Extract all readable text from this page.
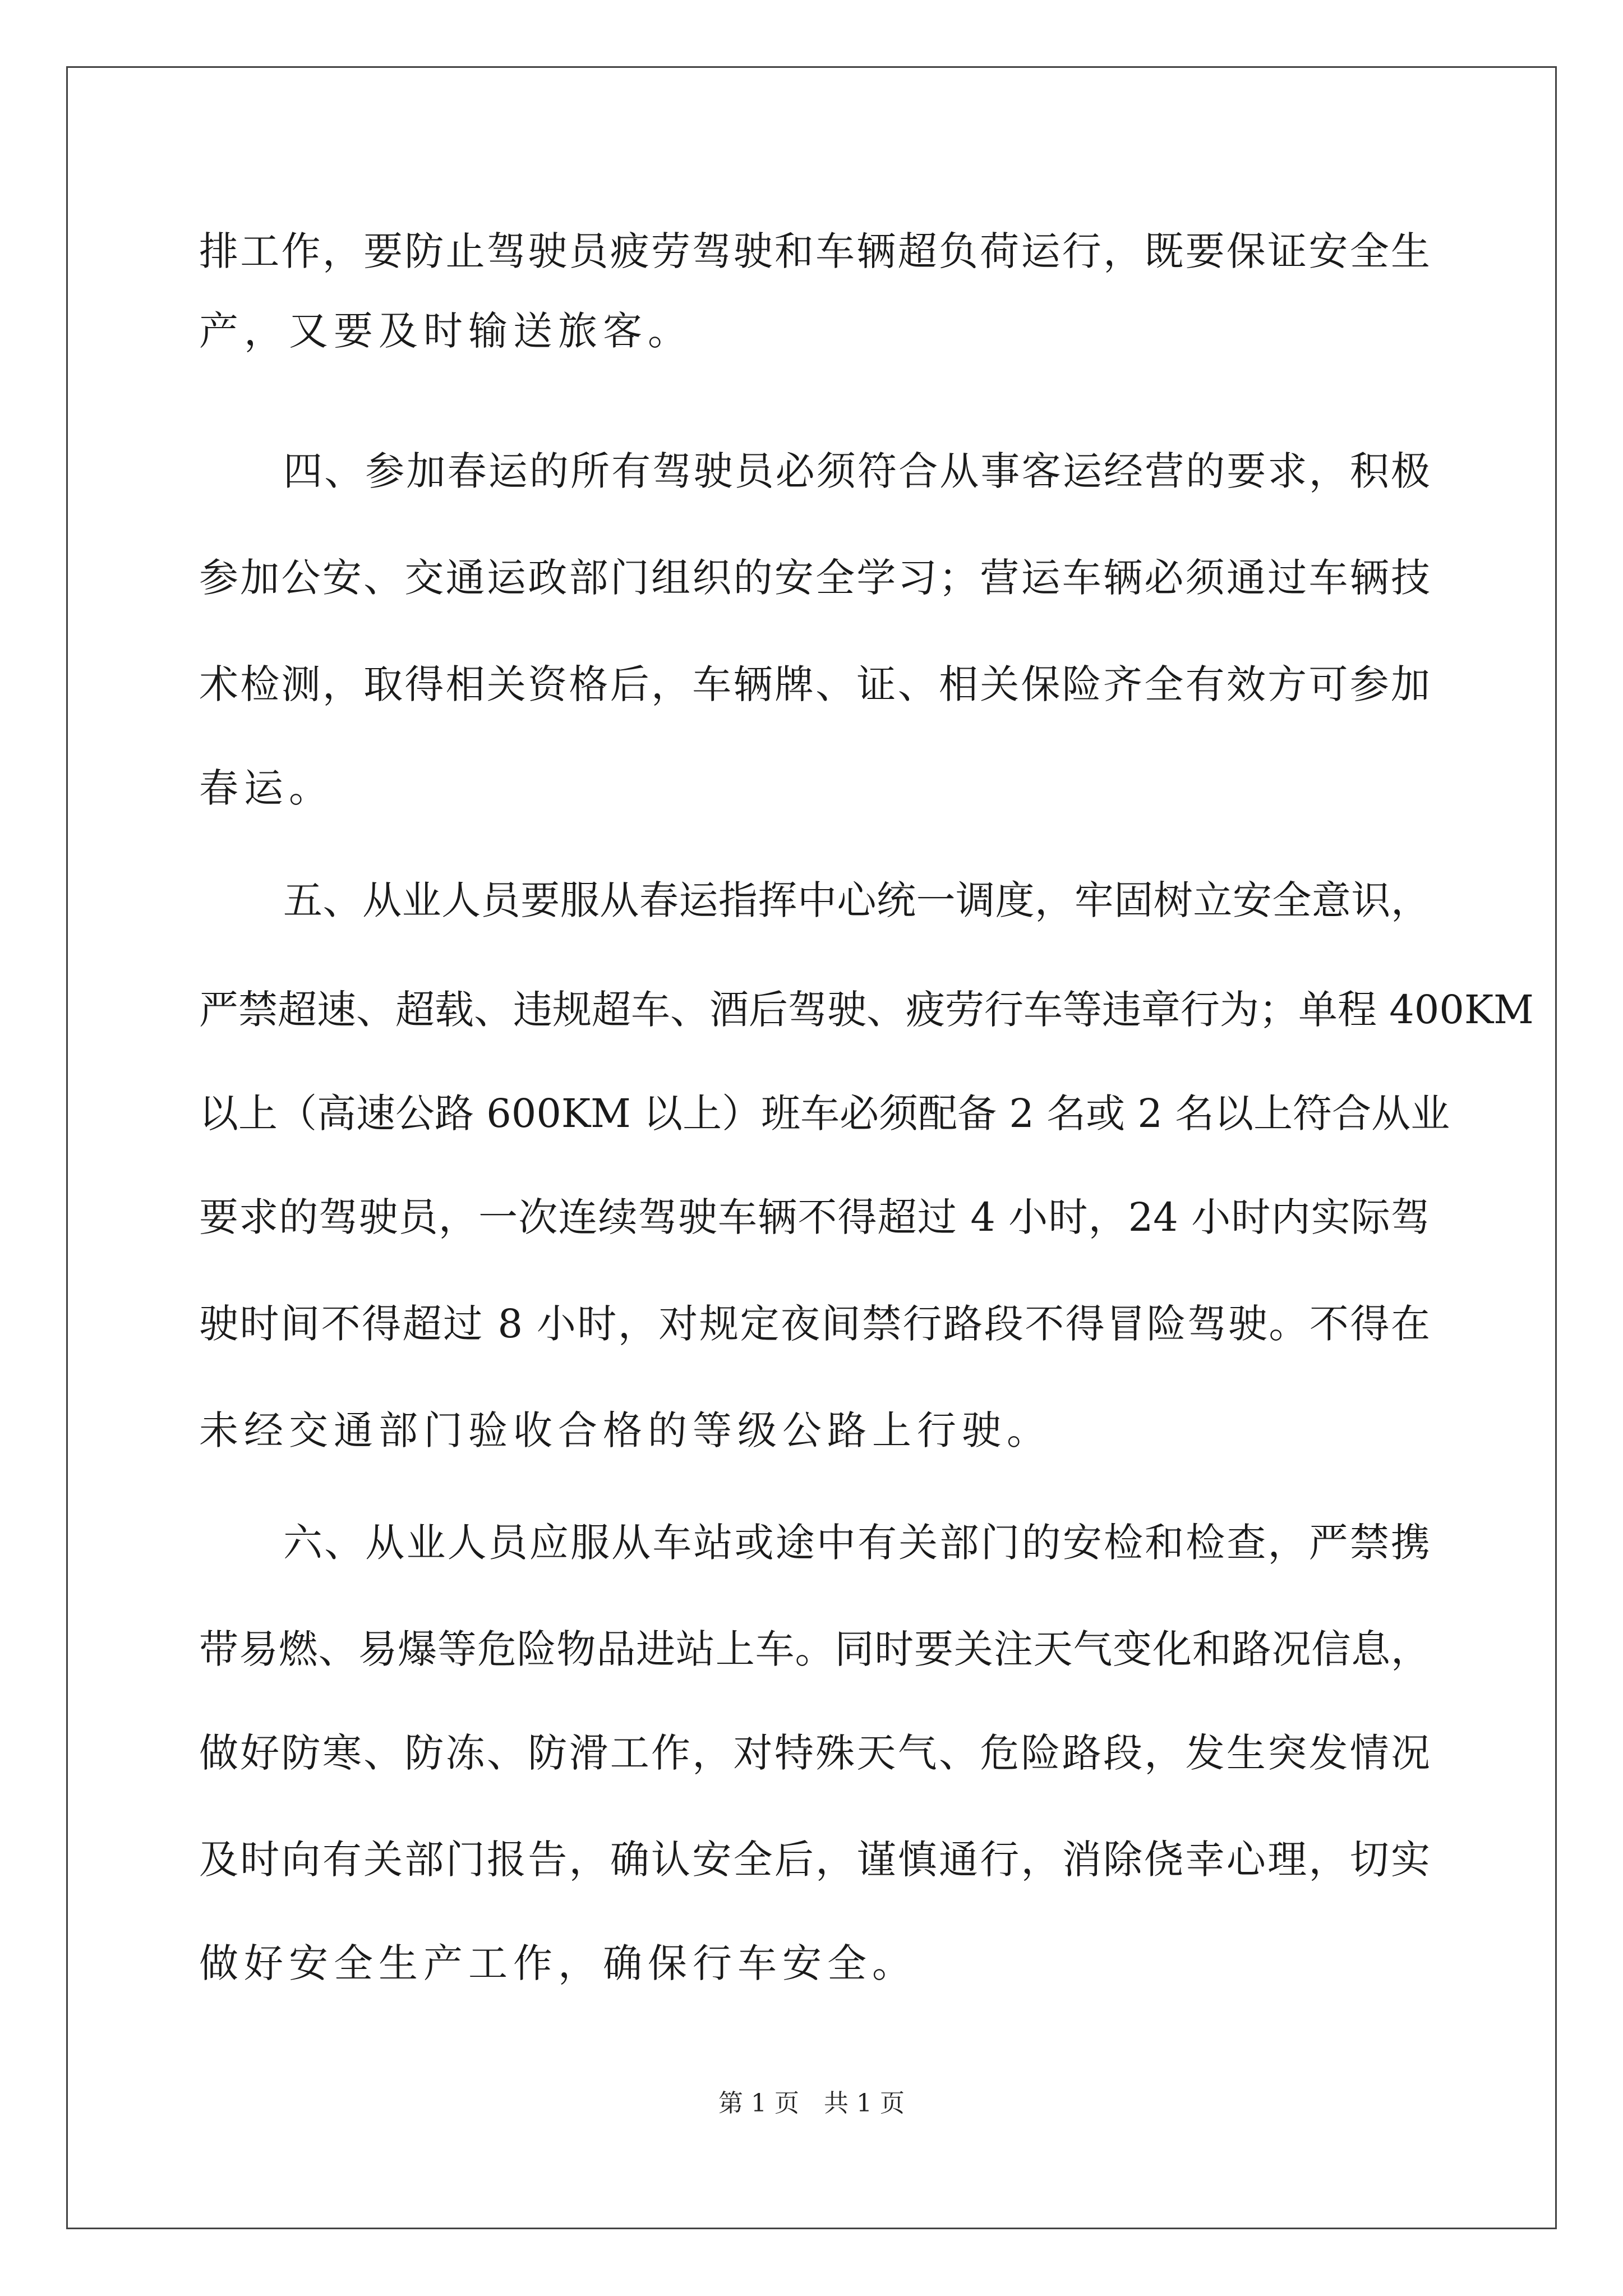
排工作，要防止驾驶员疲劳驾驶和车辆超负荷运行，既要保证安全生
产，又要及时输送旅客。
四、参加春运的所有驾驶员必须符合从事客运经营的要求，积极
参加公安、交通运政部门组织的安全学习；营运车辆必须通过车辆技
术检测，取得相关资格后，车辆牌、证、相关保险齐全有效方可参加
春运。
五、从业人员要服从春运指挥中心统一调度，牢固树立安全意识，
严禁超速、超载、违规超车、酒后驾驶、疲劳行车等违章行为；单程 400KM
以上（高速公路 600KM 以上）班车必须配备 2 名或 2 名以上符合从业
要求的驾驶员，一次连续驾驶车辆不得超过 4 小时，24 小时内实际驾
驶时间不得超过 8 小时，对规定夜间禁行路段不得冒险驾驶。不得在
未经交通部门验收合格的等级公路上行驶。
六、从业人员应服从车站或途中有关部门的安检和检查，严禁携
带易燃、易爆等危险物品进站上车。同时要关注天气变化和路况信息，
做好防寒、防冻、防滑工作，对特殊天气、危险路段，发生突发情况
及时向有关部门报告，确认安全后，谨慎通行，消除侥幸心理，切实
做好安全生产工作，确保行车安全。
第 1 页　共 1 页
